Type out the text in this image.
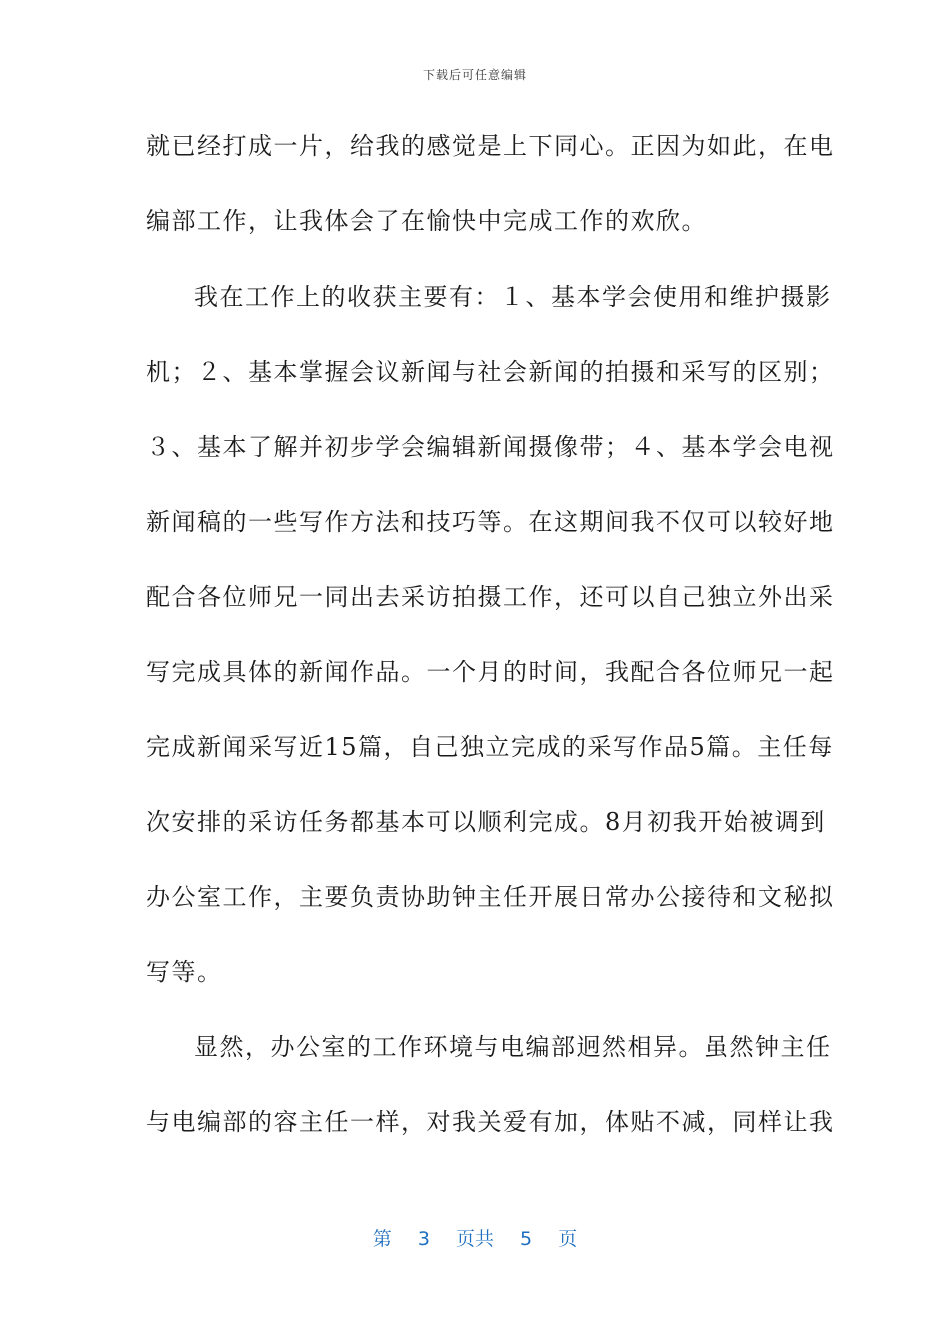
下载后可任意编辑
就已经打成一片，给我的感觉是上下同心。正因为如此，在电
编部工作，让我体会了在愉快中完成工作的欢欣。
我在工作上的收获主要有：１、基本学会使用和维护摄影
机；２、基本掌握会议新闻与社会新闻的拍摄和采写的区别；
３、基本了解并初步学会编辑新闻摄像带；４、基本学会电视
新闻稿的一些写作方法和技巧等。在这期间我不仅可以较好地
配合各位师兄一同出去采访拍摄工作，还可以自己独立外出采
写完成具体的新闻作品。一个月的时间，我配合各位师兄一起
完成新闻采写近15篇，自己独立完成的采写作品5篇。主任每
次安排的采访任务都基本可以顺利完成。8月初我开始被调到
办公室工作，主要负责协助钟主任开展日常办公接待和文秘拟
写等。
显然，办公室的工作环境与电编部迥然相异。虽然钟主任
与电编部的容主任一样，对我关爱有加，体贴不减，同样让我
第 3 页共 5 页
